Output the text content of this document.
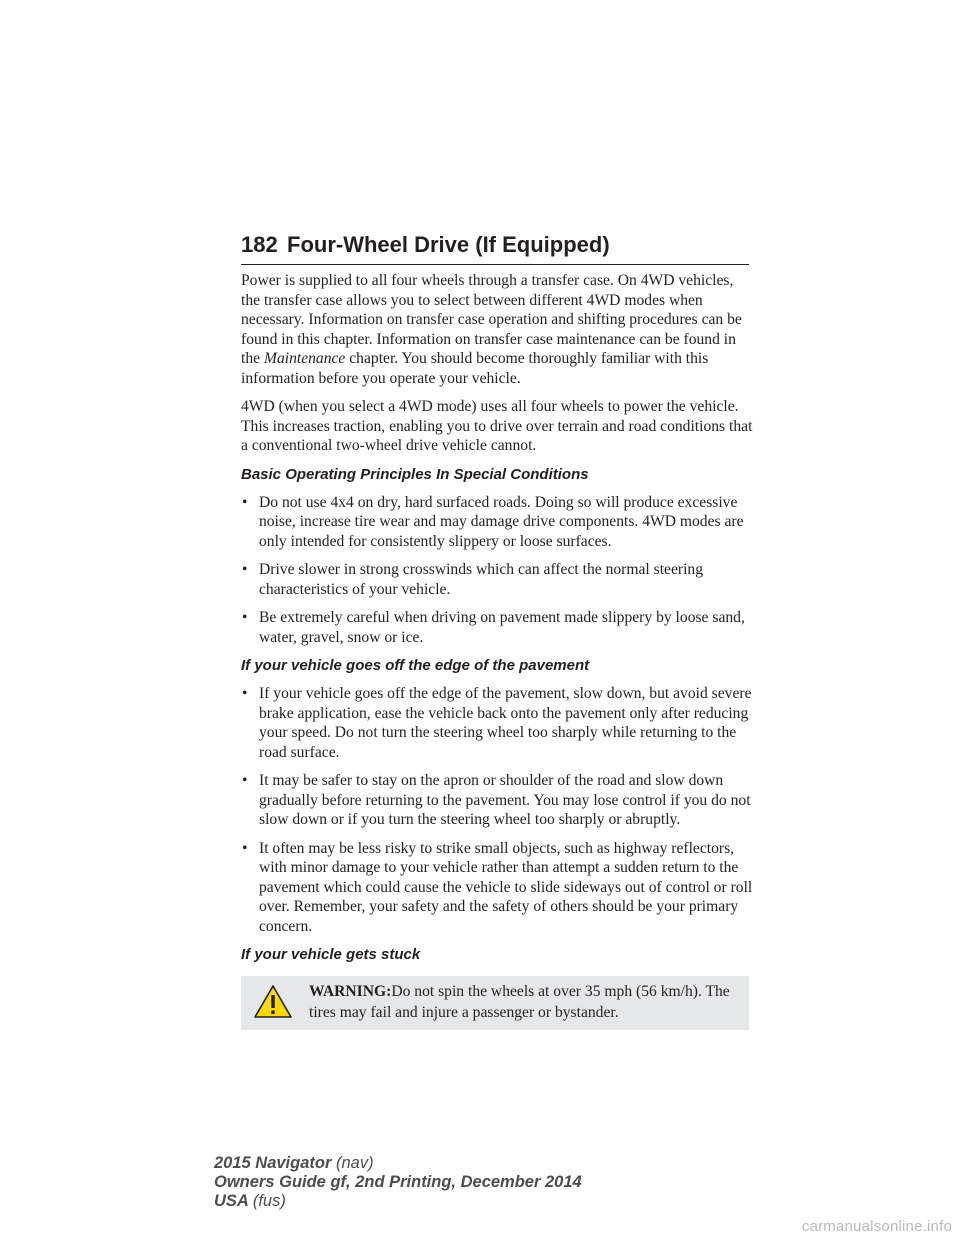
182 Four-Wheel Drive (If Equipped)

Power is supplied to all four wheels through a transfer case. On 4WD vehicles, the transfer case allows you to select between different 4WD modes when necessary. Information on transfer case operation and shifting procedures can be found in this chapter. Information on transfer case maintenance can be found in the Maintenance chapter. You should become thoroughly familiar with this information before you operate your vehicle.

4WD (when you select a 4WD mode) uses all four wheels to power the vehicle. This increases traction, enabling you to drive over terrain and road conditions that a conventional two-wheel drive vehicle cannot.

Basic Operating Principles In Special Conditions
• Do not use 4x4 on dry, hard surfaced roads. Doing so will produce excessive noise, increase tire wear and may damage drive components. 4WD modes are only intended for consistently slippery or loose surfaces.
• Drive slower in strong crosswinds which can affect the normal steering characteristics of your vehicle.
• Be extremely careful when driving on pavement made slippery by loose sand, water, gravel, snow or ice.
If your vehicle goes off the edge of the pavement
• If your vehicle goes off the edge of the pavement, slow down, but avoid severe brake application, ease the vehicle back onto the pavement only after reducing your speed. Do not turn the steering wheel too sharply while returning to the road surface.
• It may be safer to stay on the apron or shoulder of the road and slow down gradually before returning to the pavement. You may lose control if you do not slow down or if you turn the steering wheel too sharply or abruptly.
• It often may be less risky to strike small objects, such as highway reflectors, with minor damage to your vehicle rather than attempt a sudden return to the pavement which could cause the vehicle to slide sideways out of control or roll over. Remember, your safety and the safety of others should be your primary concern.
If your vehicle gets stuck
WARNING:Do not spin the wheels at over 35 mph (56 km/h). The tires may fail and injure a passenger or bystander.
2015 Navigator (nav)
Owners Guide gf, 2nd Printing, December 2014
USA (fus)
carmanualsonline.info
